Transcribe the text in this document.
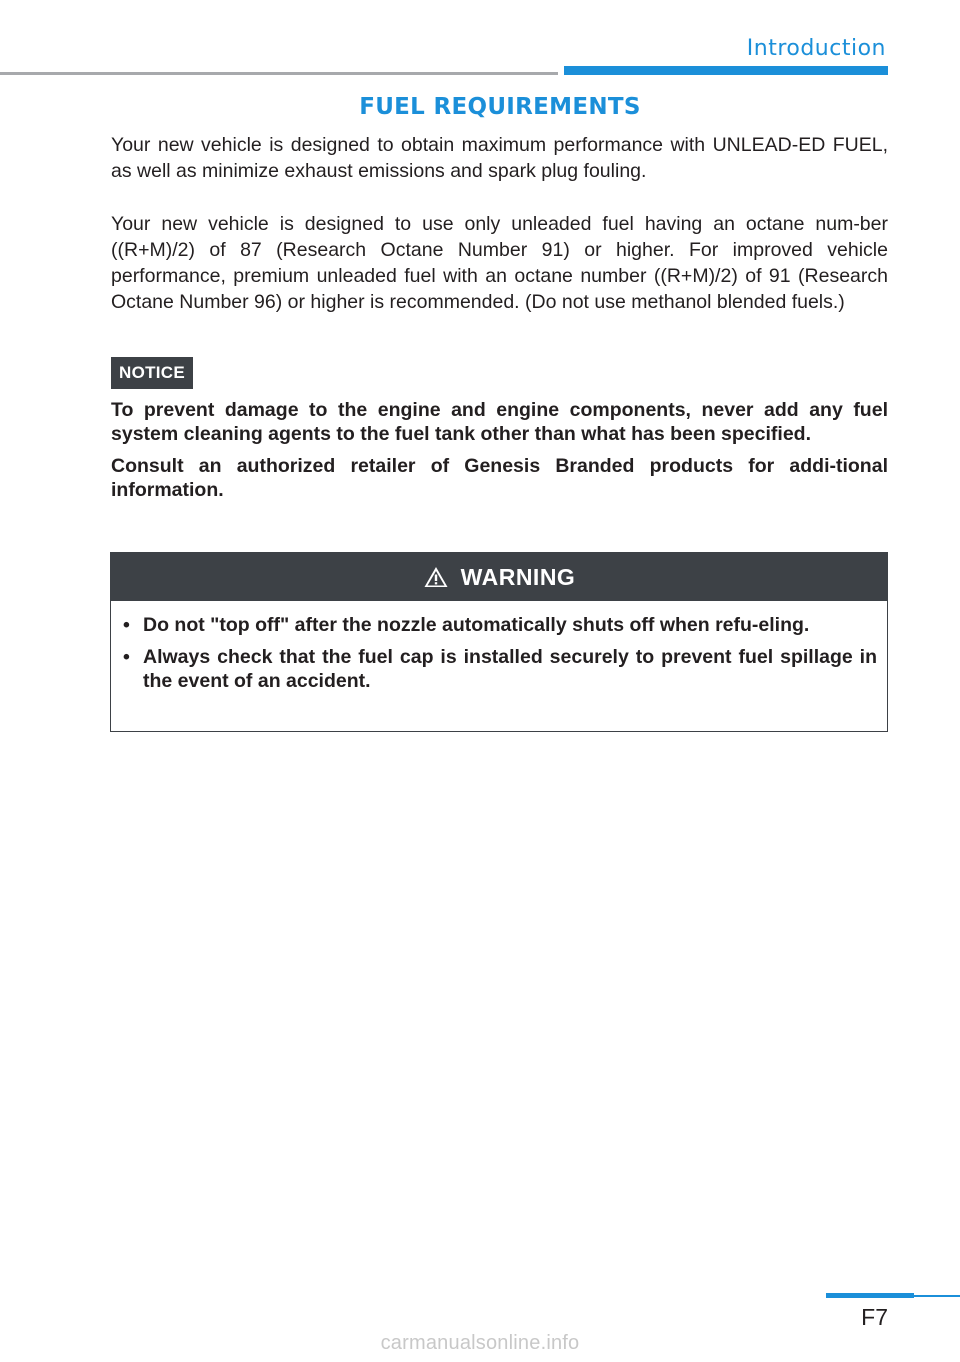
Introduction
FUEL REQUIREMENTS

Your new vehicle is designed to obtain maximum performance with UNLEAD-ED FUEL, as well as minimize exhaust emissions and spark plug fouling.

Your new vehicle is designed to use only unleaded fuel having an octane num-ber ((R+M)/2) of 87 (Research Octane Number 91) or higher. For improved vehicle performance, premium unleaded fuel with an octane number ((R+M)/2) of 91 (Research Octane Number 96) or higher is recommended. (Do not use methanol blended fuels.)

NOTICE

To prevent damage to the engine and engine components, never add any fuel system cleaning agents to the fuel tank other than what has been specified.

Consult an authorized retailer of Genesis Branded products for addi-tional information.

WARNING
• Do not "top off" after the nozzle automatically shuts off when refu-eling.
• Always check that the fuel cap is installed securely to prevent fuel spillage in the event of an accident.
F7
carmanualsonline.info
